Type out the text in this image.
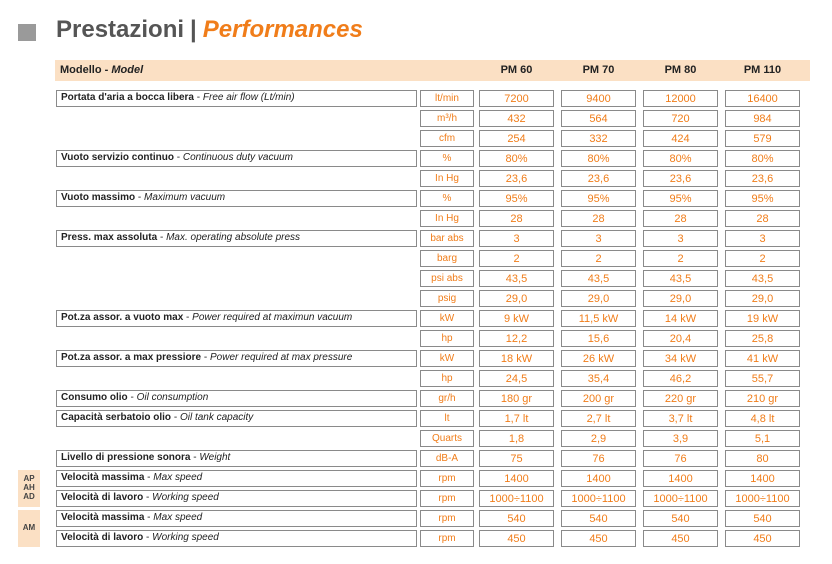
Prestazioni | Performances
Modello - Model	PM 60	PM 70	PM 80	PM 110
Portata d'aria a bocca libera - Free air flow (Lt/min)	lt/min	7200	9400	12000	16400
m³/h	432	564	720	984
cfm	254	332	424	579
Vuoto servizio continuo - Continuous duty vacuum	%	80%	80%	80%	80%
In Hg	23,6	23,6	23,6	23,6
Vuoto massimo - Maximum vacuum	%	95%	95%	95%	95%
In Hg	28	28	28	28
Press. max assoluta - Max. operating absolute press	bar abs	3	3	3	3
barg	2	2	2	2
psi abs	43,5	43,5	43,5	43,5
psig	29,0	29,0	29,0	29,0
Pot.za assor. a vuoto max - Power required at maximun vacuum	kW	9 kW	11,5 kW	14 kW	19 kW
hp	12,2	15,6	20,4	25,8
Pot.za assor. a max pressiore - Power required at max pressure	kW	18 kW	26 kW	34 kW	41 kW
hp	24,5	35,4	46,2	55,7
Consumo olio - Oil consumption	gr/h	180 gr	200 gr	220 gr	210 gr
Capacità serbatoio olio - Oil tank capacity	lt	1,7 lt	2,7 lt	3,7 lt	4,8 lt
Quarts	1,8	2,9	3,9	5,1
Livello di pressione sonora - Weight	dB-A	75	76	76	80
Velocità massima - Max speed	rpm	1400	1400	1400	1400
Velocità di lavoro - Working speed	rpm	1000÷1100	1000÷1100	1000÷1100	1000÷1100
Velocità massima - Max speed	rpm	540	540	540	540
Velocità di lavoro - Working speed	rpm	450	450	450	450
AP
AH
AD
AM
